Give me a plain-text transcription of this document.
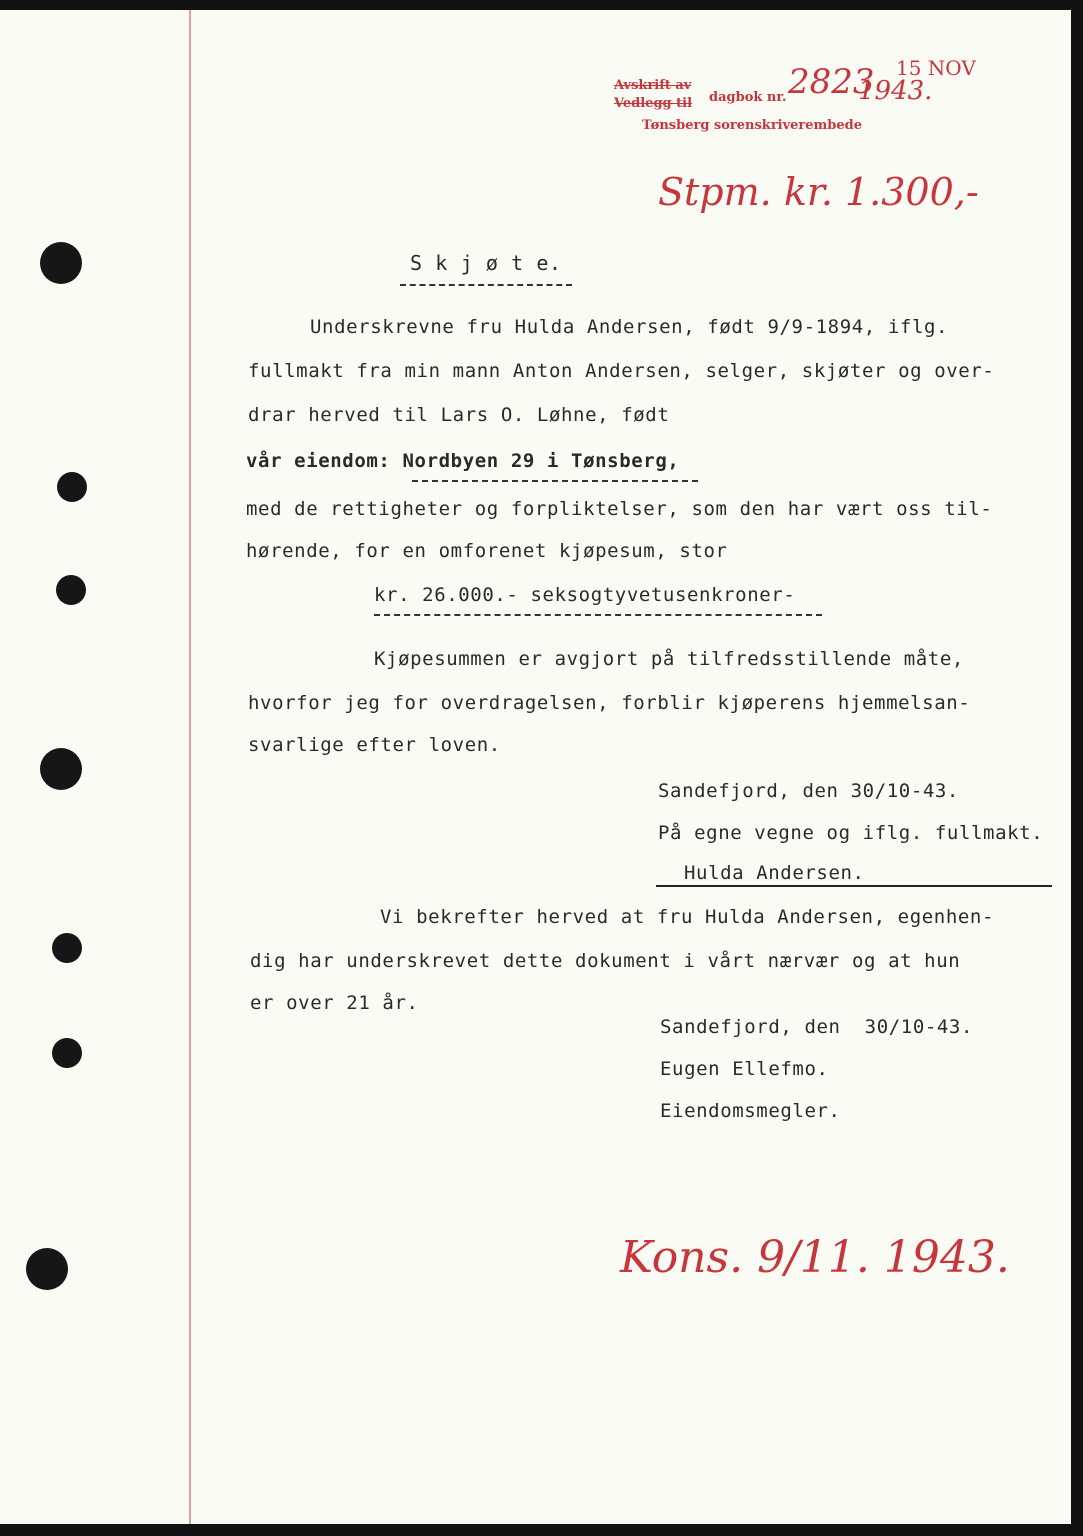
Avskrift av
Vedlegg til dagbok nr. 2823
1943.
15 NOV
Tønsberg sorenskriverembede
Stpm. kr. 1.300,-
S k j ø t e.
Underskrevne fru Hulda Andersen, født 9/9-1894, iflg.
fullmakt fra min mann Anton Andersen, selger, skjøter og over-
drar herved til Lars O. Løhne, født
vår eiendom: Nordbyen 29 i Tønsberg,
med de rettigheter og forpliktelser, som den har vært oss til-
hørende, for en omforenet kjøpesum, stor
kr. 26.000.- seksogtyvetusenkroner-
Kjøpesummen er avgjort på tilfredsstillende måte,
hvorfor jeg for overdragelsen, forblir kjøperens hjemmelsan-
svarlige efter loven.
Sandefjord, den 30/10-43.
På egne vegne og iflg. fullmakt.
Hulda Andersen.
Vi bekrefter herved at fru Hulda Andersen, egenhen-
dig har underskrevet dette dokument i vårt nærvær og at hun
er over 21 år.
Sandefjord, den  30/10-43.
Eugen Ellefmo.
Eiendomsmegler.
Kons. 9/11. 1943.
